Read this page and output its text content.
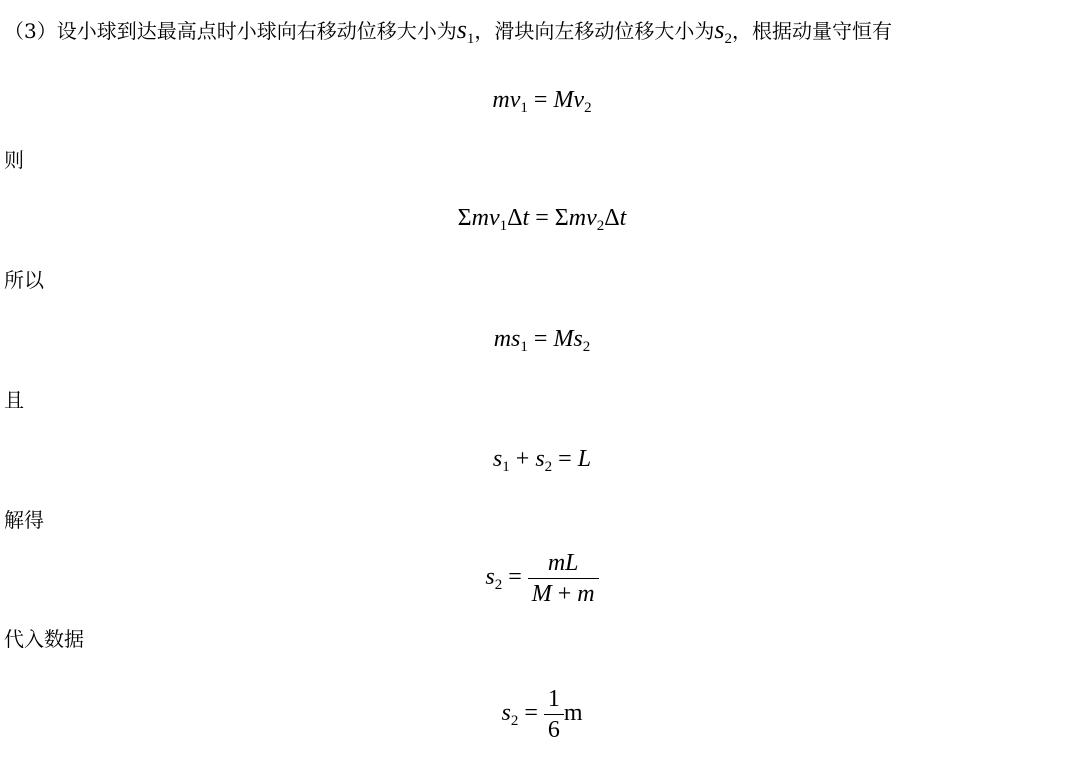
（3）设小球到达最高点时小球向右移动位移大小为$s_1$，滑块向左移动位移大小为$s_2$，根据动量守恒有
$mv_1 = Mv_2$
则
Σmv$_1$Δt = Σmv$_2$Δt
所以
$ms_1 = Ms_2$
且
$s_1 + s_2 = L$
解得
$s_2 = \frac{mL}{M + m}$
代入数据
$s_2 = \frac{1}{6}$ m
